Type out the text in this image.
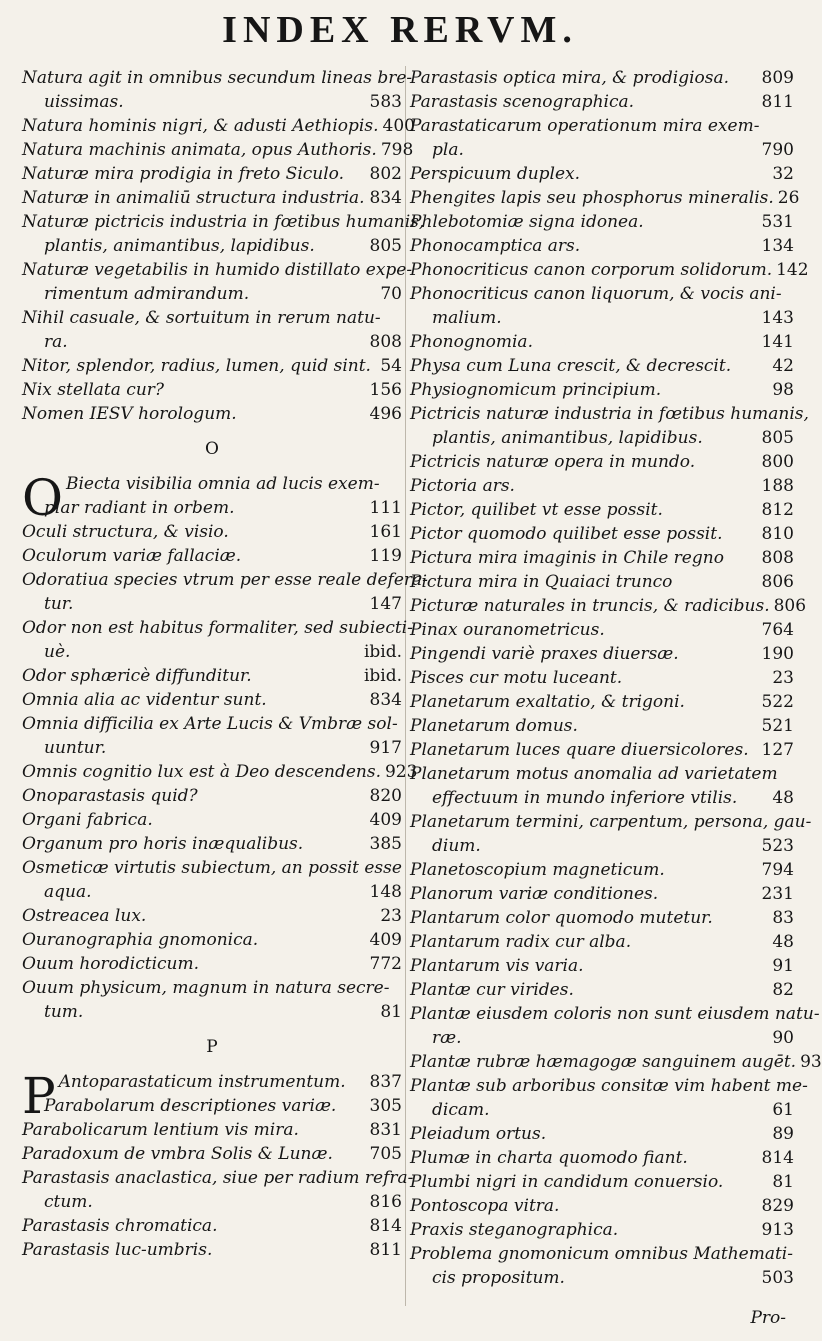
INDEX RERVM.
Natura agit in omnibus secundum lineas bre-
uissimas.	583
Natura hominis nigri, & adusti Aethiopis. 400
Natura machinis animata, opus Authoris. 798
Naturæ mira prodigia in freto Siculo. 802
Naturæ in animaliū structura industria. 834
Naturæ pictricis industria in fœtibus humanis,
plantis, animantibus, lapidibus.	805
Naturæ vegetabilis in humido distillato expe-
rimentum admirandum.	70
Nihil casuale, & sortuitum in rerum natu-
ra.	808
Nitor, splendor, radius, lumen, quid sint. 54
Nix stellata cur?	156
Nomen IESV horologum.	496
O
O Biecta visibilia omnia ad lucis exem-
plar radiant in orbem.	111
Oculi structura, & visio.	161
Oculorum variæ fallaciæ.	119
Odoratiua species vtrum per esse reale defera-
tur.	147
Odor non est habitus formaliter, sed subiecti-
uè.	ibid.
Odor sphæricè diffunditur.	ibid.
Omnia alia ac videntur sunt.	834
Omnia difficilia ex Arte Lucis & Vmbræ sol-
uuntur.	917
Omnis cognitio lux est à Deo descendens. 923
Onoparastasis quid?	820
Organi fabrica.	409
Organum pro horis inæqualibus.	385
Osmeticæ virtutis subiectum, an possit esse
aqua.	148
Ostreacea lux.	23
Ouranographia gnomonica.	409
Ouum horodicticum.	772
Ouum physicum, magnum in natura secre-
tum.	81
P
P Antoparastaticum instrumentum. 837
Parabolarum descriptiones variæ. 305
Parabolicarum lentium vis mira.	831
Paradoxum de vmbra Solis & Lunæ. 705
Parastasis anaclastica, siue per radium refra-
ctum.	816
Parastasis chromatica.	814
Parastasis luc-umbris.	811
Parastasis optica mira, & prodigiosa. 809
Parastasis scenographica.	811
Parastaticarum operationum mira exem-
pla.	790
Perspicuum duplex.	32
Phengites lapis seu phosphorus mineralis. 26
Phlebotomiæ signa idonea.	531
Phonocamptica ars.	134
Phonocriticus canon corporum solidorum. 142
Phonocriticus canon liquorum, & vocis ani-
malium.	143
Phonognomia.	141
Physa cum Luna crescit, & decrescit. 42
Physiognomicum principium.	98
Pictricis naturæ industria in fœtibus humanis,
plantis, animantibus, lapidibus.	805
Pictricis naturæ opera in mundo.	800
Pictoria ars.	188
Pictor, quilibet vt esse possit.	812
Pictor quomodo quilibet esse possit. 810
Pictura mira imaginis in Chile regno 808
Pictura mira in Quaiaci trunco	806
Picturæ naturales in truncis, & radicibus. 806
Pinax ouranometricus.	764
Pingendi variè praxes diuersæ.	190
Pisces cur motu luceant.	23
Planetarum exaltatio, & trigoni.	522
Planetarum domus.	521
Planetarum luces quare diuersicolores. 127
Planetarum motus anomalia ad varietatem
effectuum in mundo inferiore vtilis. 48
Planetarum termini, carpentum, persona, gau-
dium.	523
Planetoscopium magneticum.	794
Planorum variæ conditiones.	231
Plantarum color quomodo mutetur.	83
Plantarum radix cur alba.	48
Plantarum vis varia.	91
Plantæ cur virides.	82
Plantæ eiusdem coloris non sunt eiusdem natu-
ræ.	90
Plantæ rubræ hæmagogæ sanguinem augēt. 93
Plantæ sub arboribus consitæ vim habent me-
dicam.	61
Pleiadum ortus.	89
Plumæ in charta quomodo fiant.	814
Plumbi nigri in candidum conuersio.	81
Pontoscopa vitra.	829
Praxis steganographica.	913
Problema gnomonicum omnibus Mathemati-
cis propositum.	503
Pro-
